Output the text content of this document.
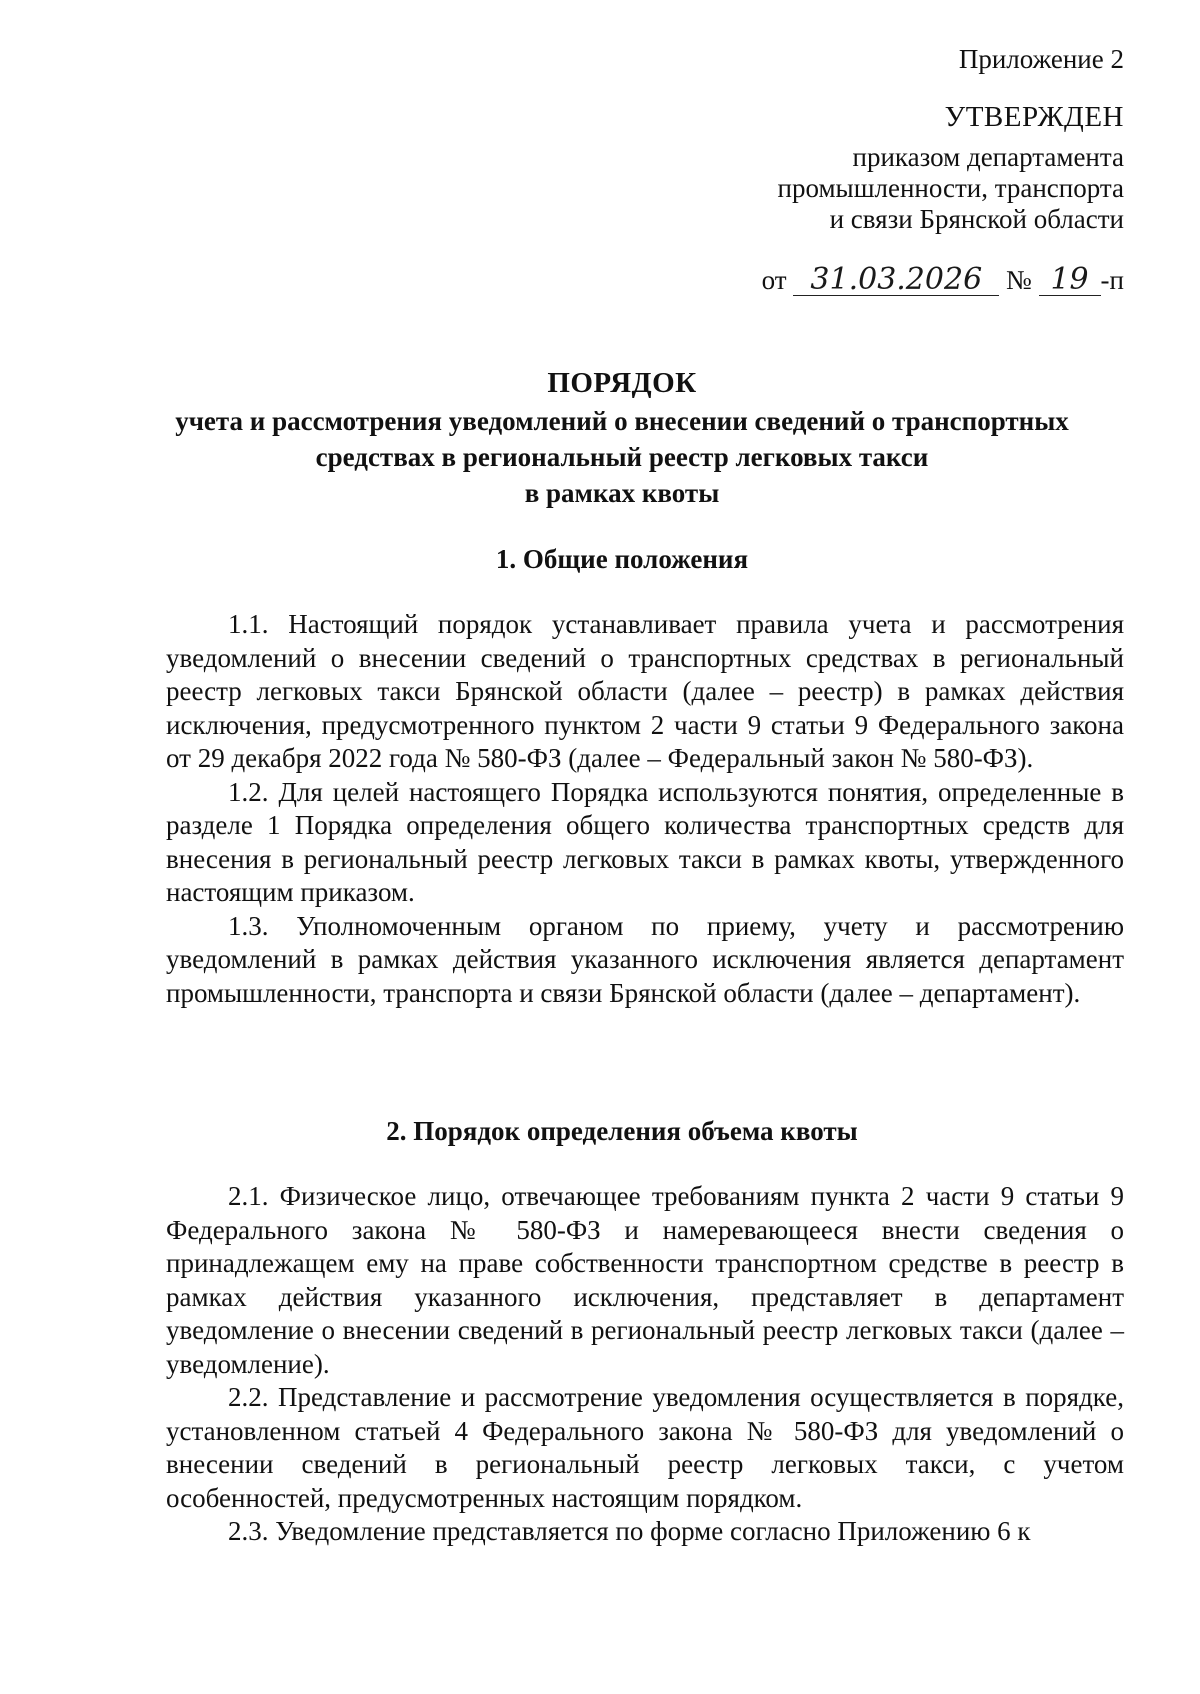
Приложение 2
УТВЕРЖДЕН
приказом департамента
промышленности, транспорта
и связи Брянской области
от 31.03.2026 № 19 -п
ПОРЯДОК
учета и рассмотрения уведомлений о внесении сведений о транспортных
средствах в региональный реестр легковых такси
в рамках квоты
1. Общие положения

1.1. Настоящий порядок устанавливает правила учета и рассмотрения уведомлений о внесении сведений о транспортных средствах в региональный реестр легковых такси Брянской области (далее – реестр) в рамках действия исключения, предусмотренного пунктом 2 части 9 статьи 9 Федерального закона от 29 декабря 2022 года № 580-ФЗ (далее – Федеральный закон № 580-ФЗ).

1.2. Для целей настоящего Порядка используются понятия, определенные в разделе 1 Порядка определения общего количества транспортных средств для внесения в региональный реестр легковых такси в рамках квоты, утвержденного настоящим приказом.

1.3. Уполномоченным органом по приему, учету и рассмотрению уведомлений в рамках действия указанного исключения является департамент промышленности, транспорта и связи Брянской области (далее – департамент).

2. Порядок определения объема квоты

2.1. Физическое лицо, отвечающее требованиям пункта 2 части 9 статьи 9 Федерального закона № 580-ФЗ и намеревающееся внести сведения о принадлежащем ему на праве собственности транспортном средстве в реестр в рамках действия указанного исключения, представляет в департамент уведомление о внесении сведений в региональный реестр легковых такси (далее – уведомление).

2.2. Представление и рассмотрение уведомления осуществляется в порядке, установленном статьей 4 Федерального закона № 580-ФЗ для уведомлений о внесении сведений в региональный реестр легковых такси, с учетом особенностей, предусмотренных настоящим порядком.

2.3. Уведомление представляется по форме согласно Приложению 6 к
